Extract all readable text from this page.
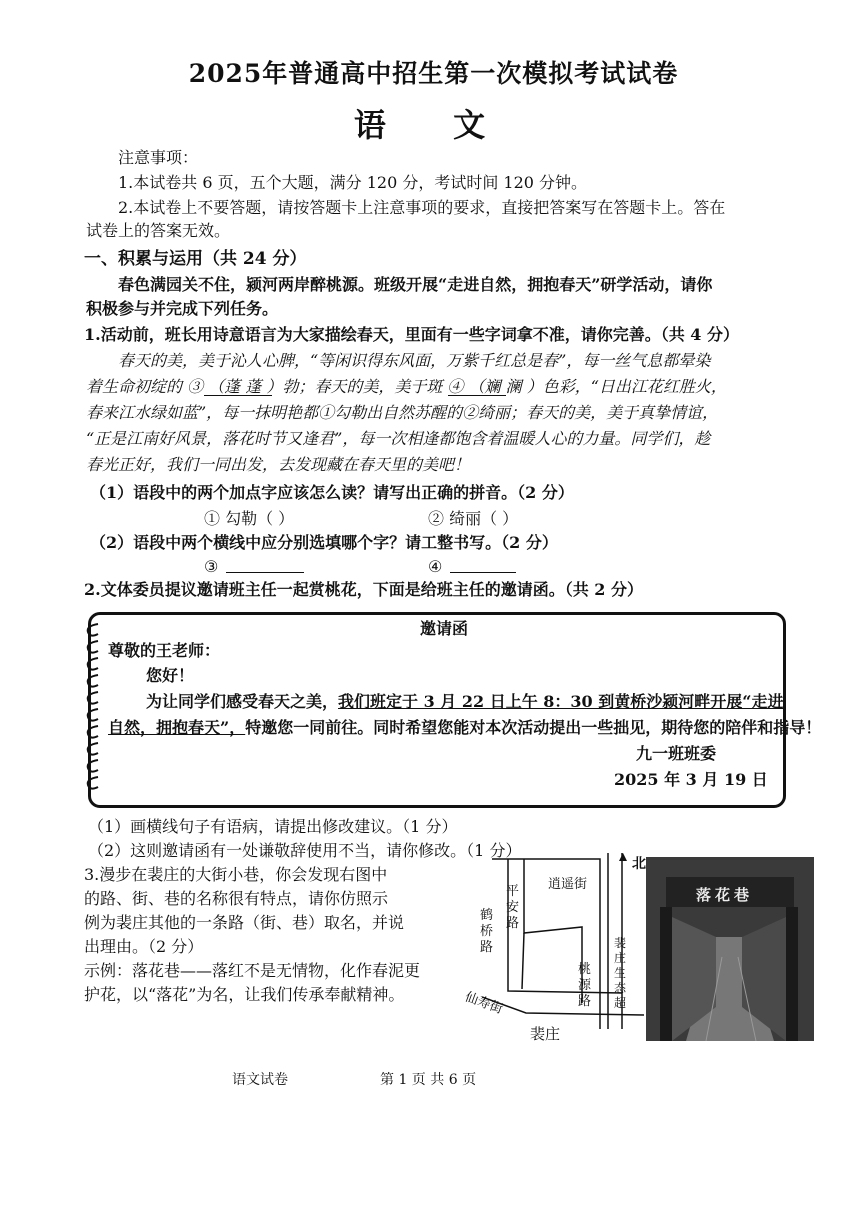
2025年普通高中招生第一次模拟考试试卷
语 文
注意事项：
1.本试卷共 6 页，五个大题，满分 120 分，考试时间 120 分钟。
2.本试卷上不要答题，请按答题卡上注意事项的要求，直接把答案写在答题卡上。答在
试卷上的答案无效。
一、积累与运用（共 24 分）
春色满园关不住，颍河两岸醉桃源。班级开展“走进自然，拥抱春天”研学活动，请你
积极参与并完成下列任务。
1.活动前，班长用诗意语言为大家描绘春天，里面有一些字词拿不准，请你完善。（共 4 分）
春天的美，美于沁人心脾，“等闲识得东风面，万紫千红总是春”，每一丝气息都晕染
着生命初绽的 ③ （蓬 蓬 ）勃；春天的美，美于斑 ④ （斓 澜 ）色彩，“日出江花红胜火，
春来江水绿如蓝”，每一抹明艳都①勾勒出自然苏醒的②绮丽；春天的美，美于真挚情谊，
“正是江南好风景，落花时节又逢君”，每一次相逢都饱含着温暖人心的力量。同学们，趁
春光正好，我们一同出发，去发现藏在春天里的美吧！
（1）语段中的两个加点字应该怎么读？请写出正确的拼音。（2 分）
① 勾勒（ ）	② 绮丽（ ）
（2）语段中两个横线中应分别选填哪个字？请工整书写。（2 分）
③	④
2.文体委员提议邀请班主任一起赏桃花，下面是给班主任的邀请函。（共 2 分）
邀请函
尊敬的王老师：
您好！
为让同学们感受春天之美，我们班定于 3 月 22 日上午 8：30 到黄桥沙颍河畔开展“走进
自然，拥抱春天”，特邀您一同前往。同时希望您能对本次活动提出一些拙见，期待您的陪伴和指导！
九一班班委
2025 年 3 月 19 日
（1）画横线句子有语病，请提出修改建议。（1 分）
（2）这则邀请函有一处谦敬辞使用不当，请你修改。（1 分）
3.漫步在裴庄的大街小巷，你会发现右图中
的路、街、巷的名称很有特点，请你仿照示
例为裴庄其他的一条路（街、巷）取名，并说
出理由。（2 分）
示例：落花巷——落红不是无情物，化作春泥更
护花，以“落花”为名，让我们传承奉献精神。
北
逍遥街
平安路
鹤桥路
桃源路
裴庄生态超
仙寿街
裴庄
落花巷
语文试卷	第 1 页 共 6 页
